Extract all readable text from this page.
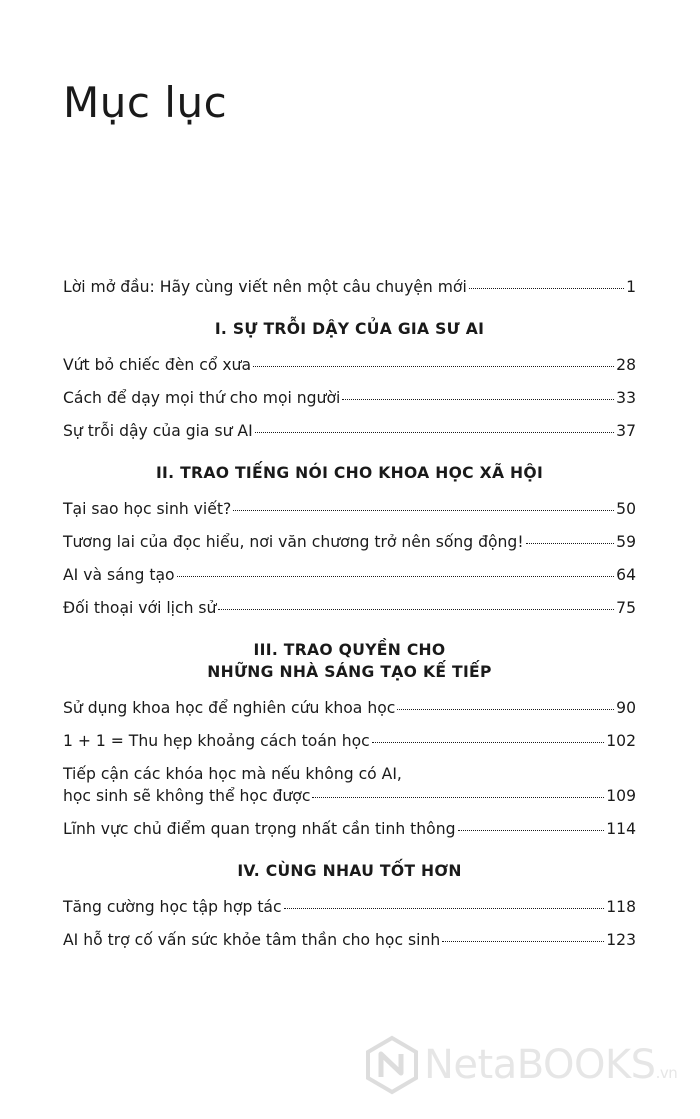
Mục lục
Lời mở đầu: Hãy cùng viết nên một câu chuyện mới	1
I. SỰ TRỖI DẬY CỦA GIA SƯ AI
Vứt bỏ chiếc đèn cổ xưa	28
Cách để dạy mọi thứ cho mọi người	33
Sự trỗi dậy của gia sư AI	37
II. TRAO TIẾNG NÓI CHO KHOA HỌC XÃ HỘI
Tại sao học sinh viết?	50
Tương lai của đọc hiểu, nơi văn chương trở nên sống động!	59
AI và sáng tạo	64
Đối thoại với lịch sử	75
III. TRAO QUYỀN CHO
NHỮNG NHÀ SÁNG TẠO KẾ TIẾP
Sử dụng khoa học để nghiên cứu khoa học	90
1 + 1 = Thu hẹp khoảng cách toán học	102
Tiếp cận các khóa học mà nếu không có AI,
học sinh sẽ không thể học được	109
Lĩnh vực chủ điểm quan trọng nhất cần tinh thông	114
IV. CÙNG NHAU TỐT HƠN
Tăng cường học tập hợp tác	118
AI hỗ trợ cố vấn sức khỏe tâm thần cho học sinh	123
NetaBOOKS.vn
